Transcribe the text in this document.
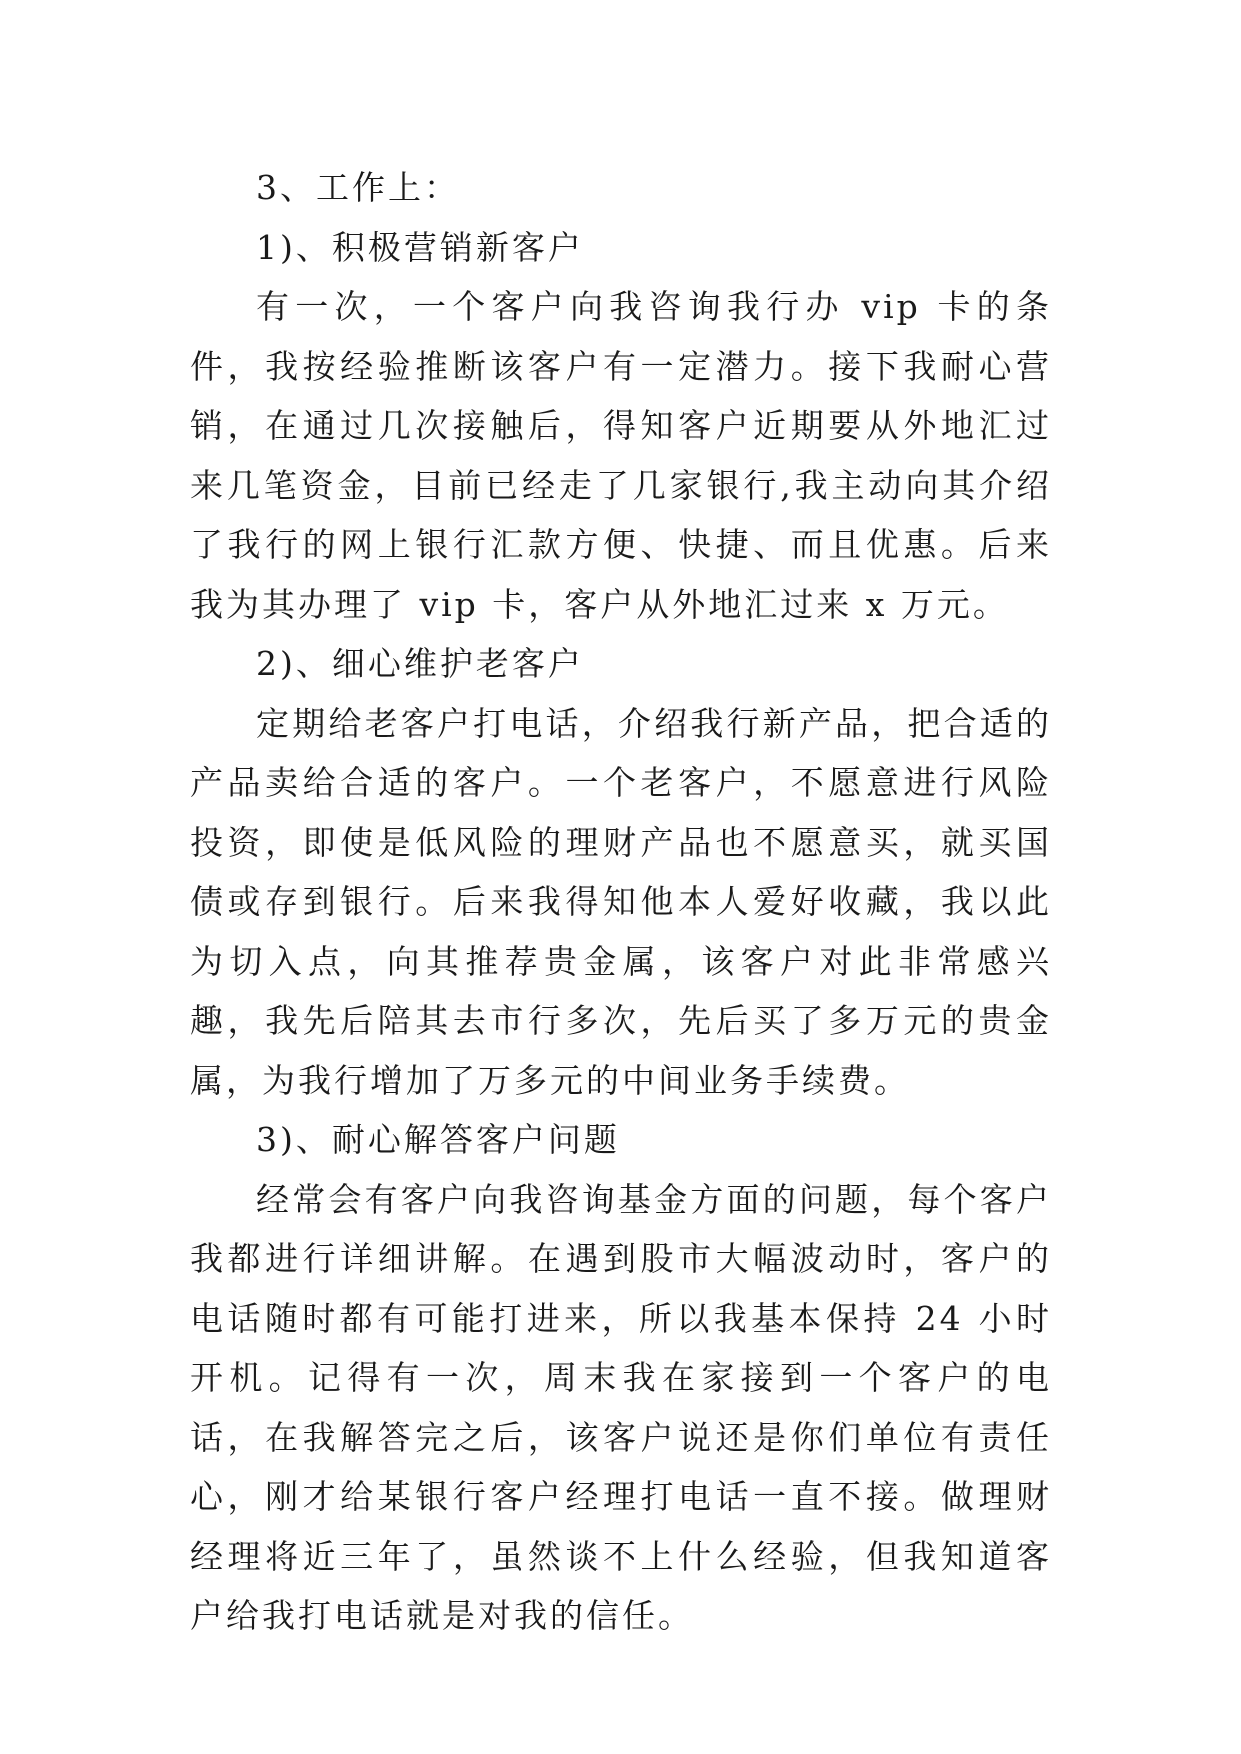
3、工作上：

1)、积极营销新客户

有一次，一个客户向我咨询我行办 vip 卡的条件，我按经验推断该客户有一定潜力。接下我耐心营销，在通过几次接触后，得知客户近期要从外地汇过来几笔资金，目前已经走了几家银行,我主动向其介绍了我行的网上银行汇款方便、快捷、而且优惠。后来我为其办理了 vip 卡，客户从外地汇过来 x 万元。

2)、细心维护老客户

定期给老客户打电话，介绍我行新产品，把合适的产品卖给合适的客户。一个老客户，不愿意进行风险投资，即使是低风险的理财产品也不愿意买，就买国债或存到银行。后来我得知他本人爱好收藏，我以此为切入点，向其推荐贵金属，该客户对此非常感兴趣，我先后陪其去市行多次，先后买了多万元的贵金属，为我行增加了万多元的中间业务手续费。

3)、耐心解答客户问题

经常会有客户向我咨询基金方面的问题，每个客户我都进行详细讲解。在遇到股市大幅波动时，客户的电话随时都有可能打进来，所以我基本保持 24 小时开机。记得有一次，周末我在家接到一个客户的电话，在我解答完之后，该客户说还是你们单位有责任心，刚才给某银行客户经理打电话一直不接。做理财经理将近三年了，虽然谈不上什么经验，但我知道客户给我打电话就是对我的信任。
